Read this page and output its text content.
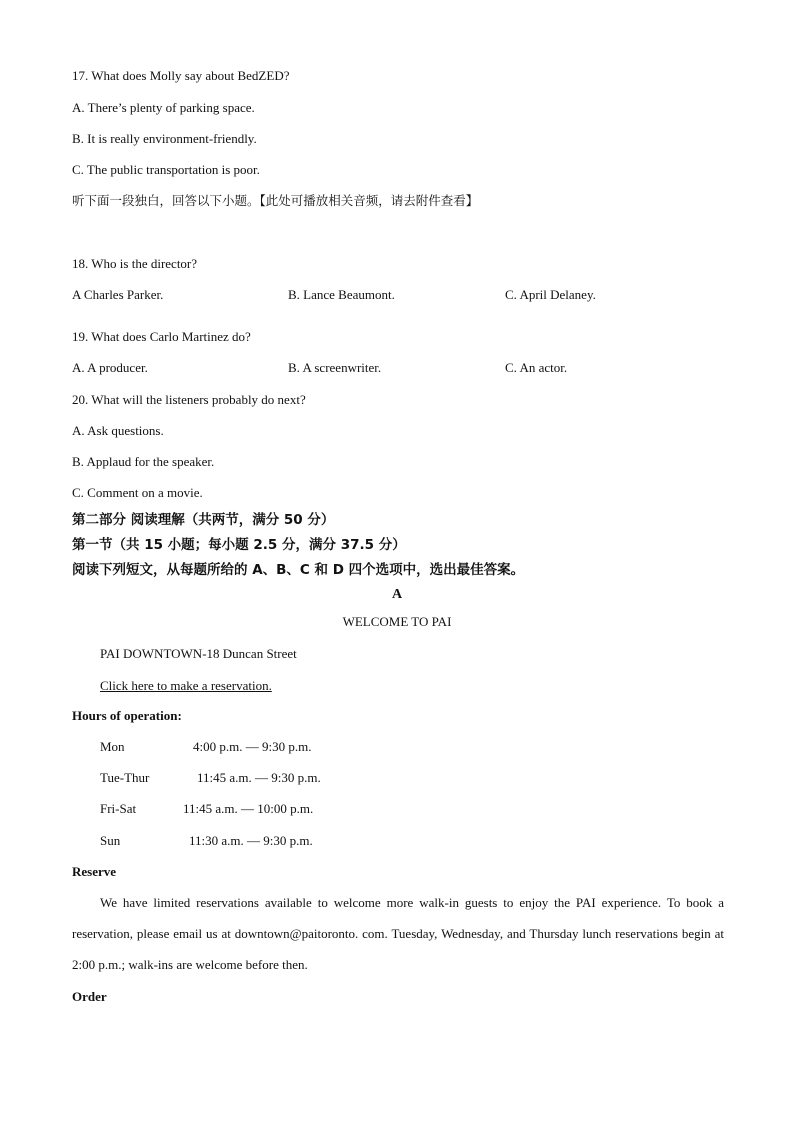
17. What does Molly say about BedZED?
A. There’s plenty of parking space.
B. It is really environment-friendly.
C. The public transportation is poor.
听下面一段独白，回答以下小题。【此处可播放相关音频，请去附件查看】
18. Who is the director?
A Charles Parker.	B. Lance Beaumont.	C. April Delaney.
19. What does Carlo Martinez do?
A. A producer.	B. A screenwriter.	C. An actor.
20. What will the listeners probably do next?
A. Ask questions.
B. Applaud for the speaker.
C. Comment on a movie.
第二部分 阅读理解（共两节，满分 50 分）
第一节（共 15 小题；每小题 2.5 分，满分 37.5 分）
阅读下列短文，从每题所给的 A、B、C 和 D 四个选项中，选出最佳答案。
A
WELCOME TO PAI
PAI DOWNTOWN-18 Duncan Street
Click here to make a reservation.
Hours of operation:
Mon	4:00 p.m. — 9:30 p.m.
Tue-Thur	11:45 a.m. — 9:30 p.m.
Fri-Sat	11:45 a.m. — 10:00 p.m.
Sun	11:30 a.m. — 9:30 p.m.
Reserve
We have limited reservations available to welcome more walk-in guests to enjoy the PAI experience. To book a reservation, please email us at downtown@paitoronto. com. Tuesday, Wednesday, and Thursday lunch reservations begin at 2:00 p.m.; walk-ins are welcome before then.
Order
